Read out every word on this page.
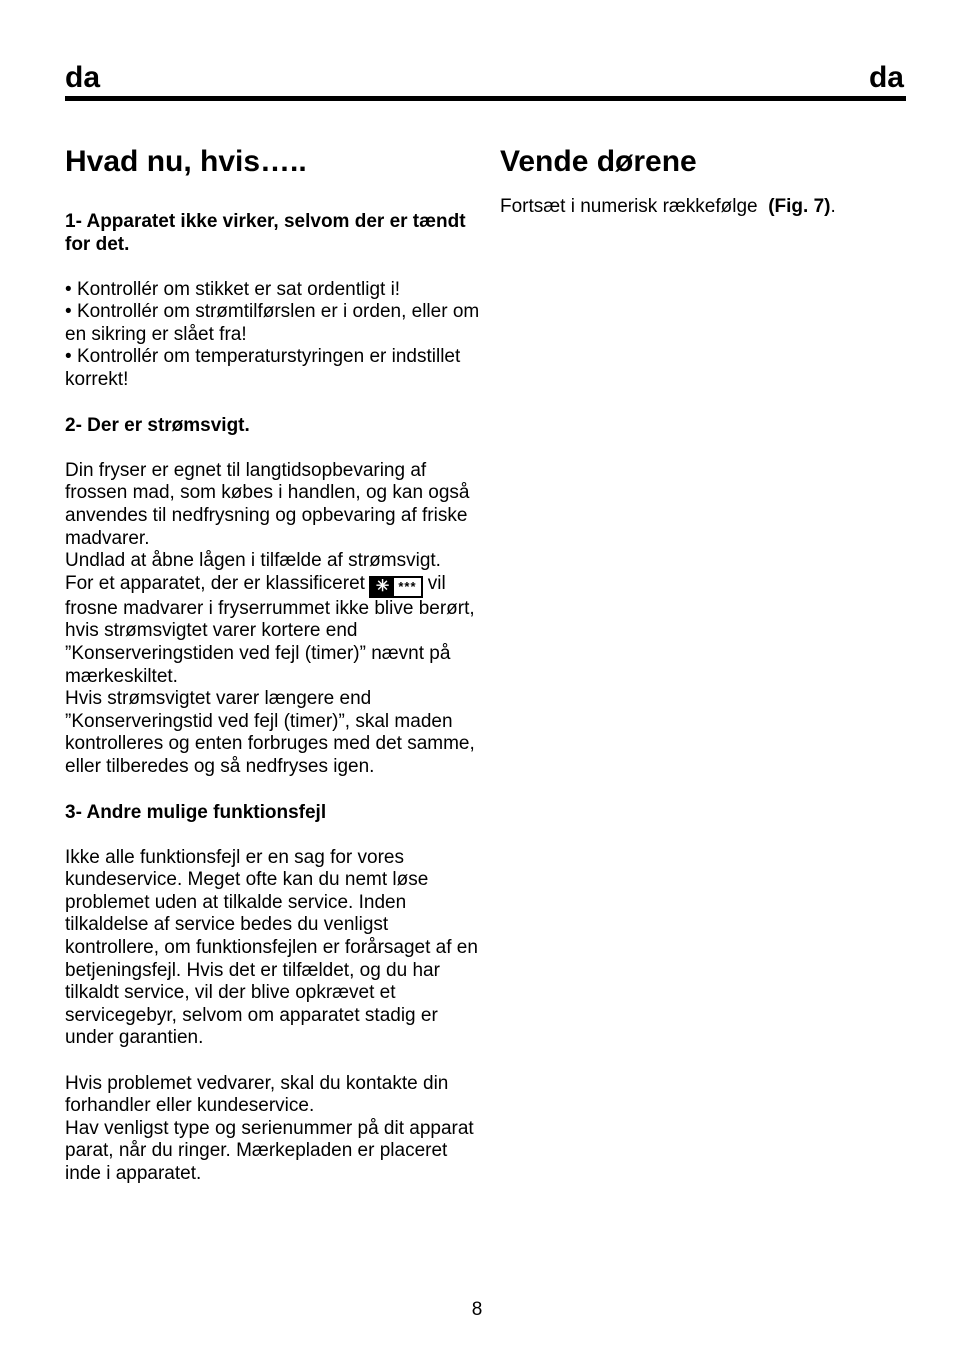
da	da
Hvad nu, hvis…..
1- Apparatet ikke virker, selvom der er tændt for det.

• Kontrollér om stikket er sat ordentligt i!

• Kontrollér om strømtilførslen er i orden, eller om en sikring er slået fra!

• Kontrollér om temperaturstyringen er indstillet korrekt!

2- Der er strømsvigt.

Din fryser er egnet til langtidsopbevaring af frossen mad, som købes i handlen, og kan også anvendes til nedfrysning og opbevaring af friske madvarer.

Undlad at åbne lågen i tilfælde af strømsvigt.

For et apparatet, der er klassificeret ✳ *** vil frosne madvarer i fryserrummet ikke blive berørt, hvis strømsvigtet varer kortere end ”Konserveringstiden ved fejl (timer)” nævnt på mærkeskiltet.

Hvis strømsvigtet varer længere end ”Konserveringstid ved fejl (timer)”, skal maden kontrolleres og enten forbruges med det samme, eller tilberedes og så nedfryses igen.

3- Andre mulige funktionsfejl

Ikke alle funktionsfejl er en sag for vores kundeservice. Meget ofte kan du nemt løse problemet uden at tilkalde service. Inden tilkaldelse af service bedes du venligst kontrollere, om funktionsfejlen er forårsaget af en betjeningsfejl. Hvis det er tilfældet, og du har tilkaldt service, vil der blive opkrævet et servicegebyr, selvom om apparatet stadig er under garantien.

Hvis problemet vedvarer, skal du kontakte din forhandler eller kundeservice.

Hav venligst type og serienummer på dit apparat parat, når du ringer. Mærkepladen er placeret inde i apparatet.

Vende dørene

Fortsæt i numerisk rækkefølge (Fig. 7).

8
